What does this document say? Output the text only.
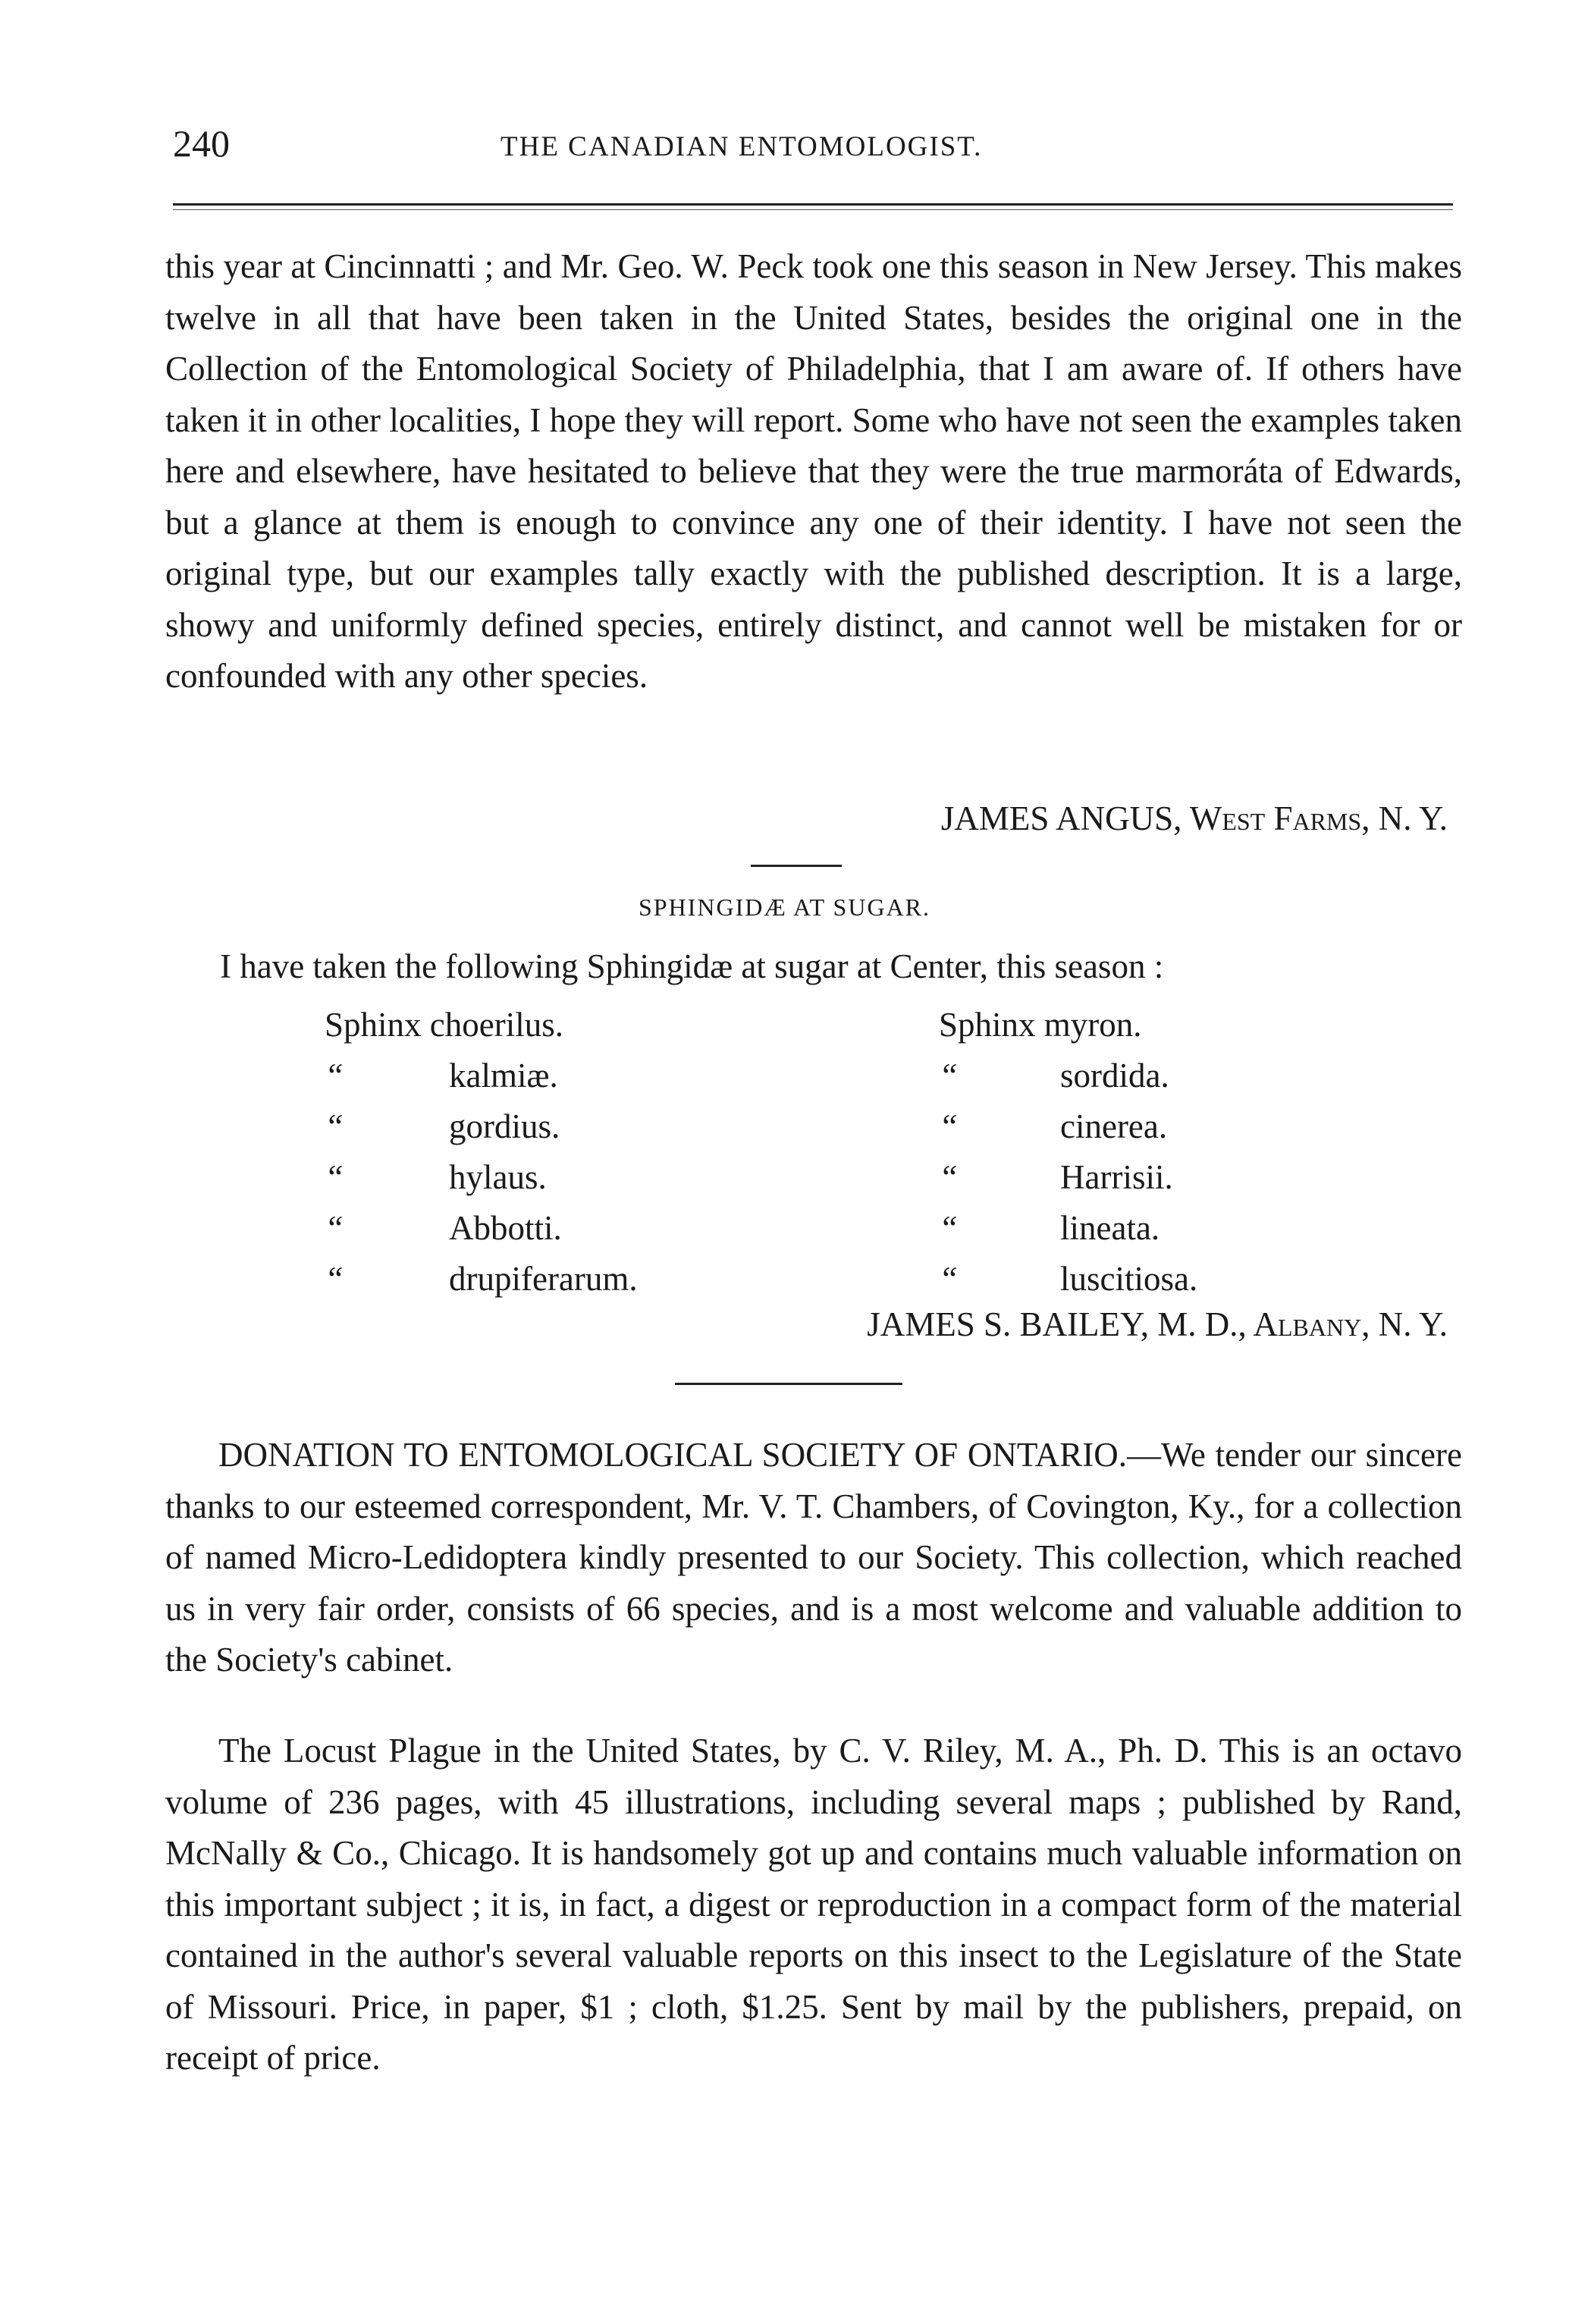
240	THE CANADIAN ENTOMOLOGIST.

this year at Cincinnatti ; and Mr. Geo. W. Peck took one this season in New Jersey. This makes twelve in all that have been taken in the United States, besides the original one in the Collection of the Entomological Society of Philadelphia, that I am aware of. If others have taken it in other localities, I hope they will report. Some who have not seen the examples taken here and elsewhere, have hesitated to believe that they were the true marmoráta of Edwards, but a glance at them is enough to convince any one of their identity. I have not seen the original type, but our examples tally exactly with the published description. It is a large, showy and uniformly defined species, entirely distinct, and cannot well be mistaken for or confounded with any other species.

JAMES ANGUS, West Farms, N. Y.
SPHINGIDÆ AT SUGAR.
I have taken the following Sphingidæ at sugar at Center, this season :
Sphinx choerilus.	Sphinx myron.
“	kalmiæ.	“	sordida.
“	gordius.	“	cinerea.
“	hylaus.	“	Harrisii.
“	Abbotti.	“	lineata.
“	drupiferarum.	“	luscitiosa.
JAMES S. BAILEY, M. D., Albany, N. Y.

DONATION TO ENTOMOLOGICAL SOCIETY OF ONTARIO.—We tender our sincere thanks to our esteemed correspondent, Mr. V. T. Chambers, of Covington, Ky., for a collection of named Micro-Ledidoptera kindly presented to our Society. This collection, which reached us in very fair order, consists of 66 species, and is a most welcome and valuable addition to the Society's cabinet.

The Locust Plague in the United States, by C. V. Riley, M. A., Ph. D. This is an octavo volume of 236 pages, with 45 illustrations, including several maps ; published by Rand, McNally & Co., Chicago. It is handsomely got up and contains much valuable information on this important subject ; it is, in fact, a digest or reproduction in a compact form of the material contained in the author's several valuable reports on this insect to the Legislature of the State of Missouri. Price, in paper, $1 ; cloth, $1.25. Sent by mail by the publishers, prepaid, on receipt of price.
